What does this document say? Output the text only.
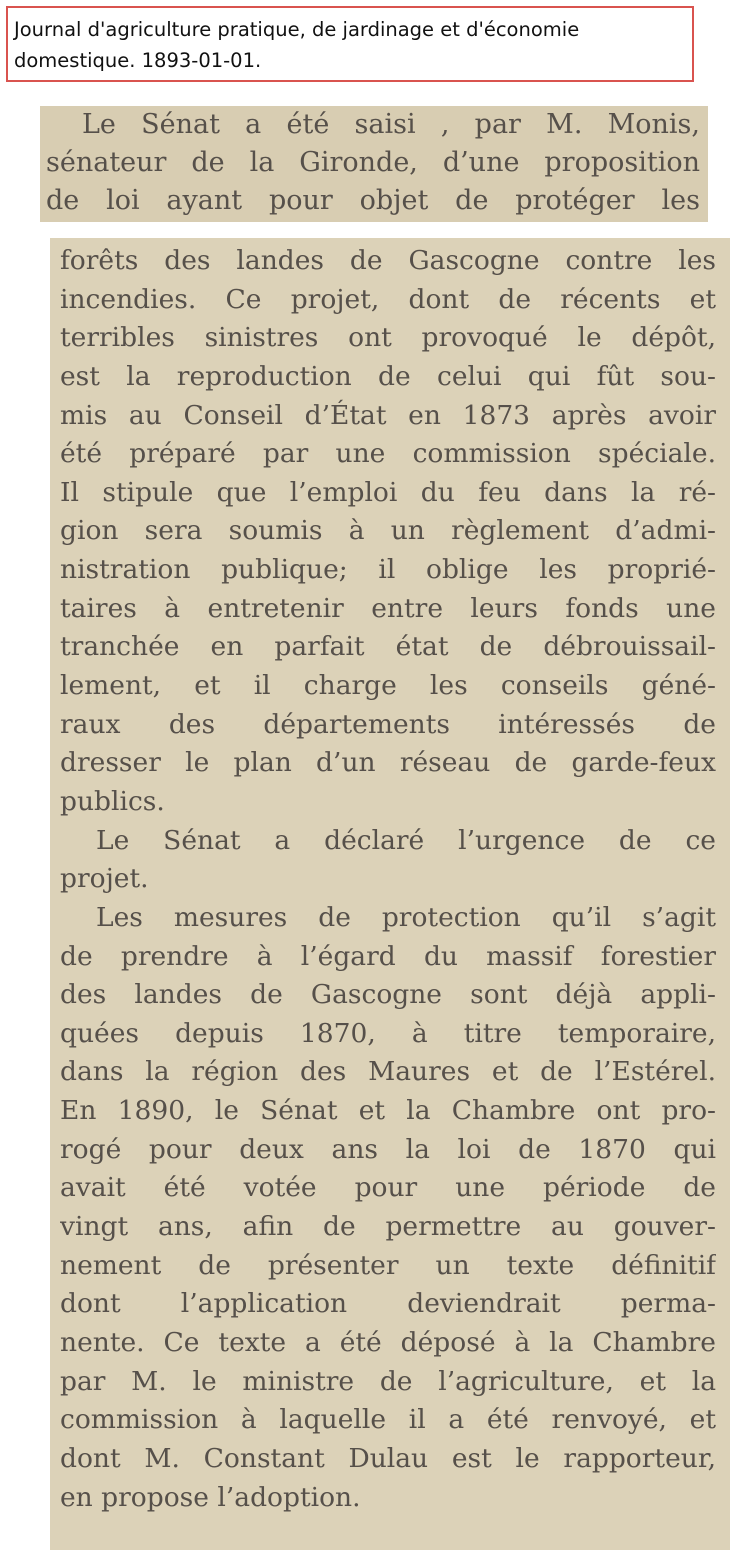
Journal d'agriculture pratique, de jardinage et d'économie
domestique. 1893-01-01.
Le Sénat a été saisi , par M. Monis,
sénateur de la Gironde, d’une proposition
de loi ayant pour objet de protéger les
forêts des landes de Gascogne contre les
incendies. Ce projet, dont de récents et
terribles sinistres ont provoqué le dépôt,
est la reproduction de celui qui fût sou-
mis au Conseil d’État en 1873 après avoir
été préparé par une commission spéciale.
Il stipule que l’emploi du feu dans la ré-
gion sera soumis à un règlement d’admi-
nistration publique; il oblige les proprié-
taires à entretenir entre leurs fonds une
tranchée en parfait état de débrouissail-
lement, et il charge les conseils géné-
raux des départements intéressés de
dresser le plan d’un réseau de garde-feux
publics.
Le Sénat a déclaré l’urgence de ce
projet.
Les mesures de protection qu’il s’agit
de prendre à l’égard du massif forestier
des landes de Gascogne sont déjà appli-
quées depuis 1870, à titre temporaire,
dans la région des Maures et de l’Estérel.
En 1890, le Sénat et la Chambre ont pro-
rogé pour deux ans la loi de 1870 qui
avait été votée pour une période de
vingt ans, afin de permettre au gouver-
nement de présenter un texte définitif
dont l’application deviendrait perma-
nente. Ce texte a été déposé à la Chambre
par M. le ministre de l’agriculture, et la
commission à laquelle il a été renvoyé, et
dont M. Constant Dulau est le rapporteur,
en propose l’adoption.
